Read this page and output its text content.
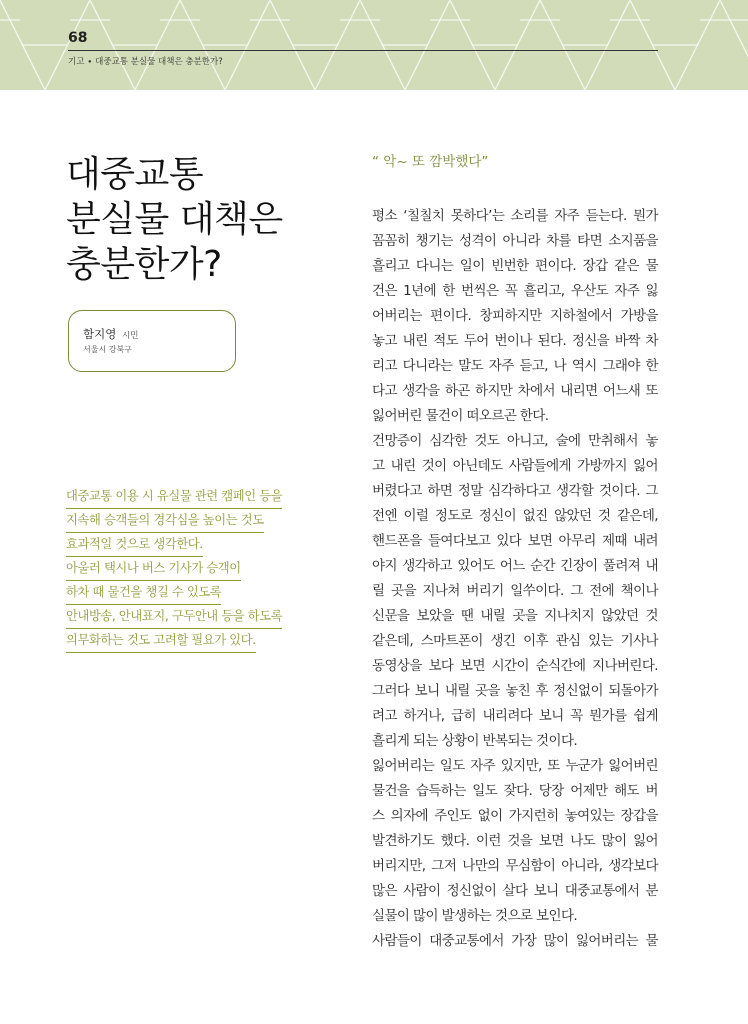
68
기고 ∙ 대중교통 분실물 대책은 충분한가?
대중교통
분실물 대책은
충분한가?
함지영 시민
서울시 강북구
대중교통 이용 시 유실물 관련 캠페인 등을
지속해 승객들의 경각심을 높이는 것도
효과적일 것으로 생각한다.
아울러 택시나 버스 기사가 승객이
하차 때 물건을 챙길 수 있도록
안내방송, 안내표지, 구두안내 등을 하도록
의무화하는 것도 고려할 필요가 있다.
“ 악~ 또 깜박했다”
평소 ‘칠칠치 못하다’는 소리를 자주 듣는다. 뭔가
꼼꼼히 챙기는 성격이 아니라 차를 타면 소지품을
흘리고 다니는 일이 빈번한 편이다. 장갑 같은 물
건은 1년에 한 번씩은 꼭 흘리고, 우산도 자주 잃
어버리는 편이다. 창피하지만 지하철에서 가방을
놓고 내린 적도 두어 번이나 된다. 정신을 바짝 차
리고 다니라는 말도 자주 듣고, 나 역시 그래야 한
다고 생각을 하곤 하지만 차에서 내리면 어느새 또
잃어버린 물건이 떠오르곤 한다.
건망증이 심각한 것도 아니고, 술에 만취해서 놓
고 내린 것이 아닌데도 사람들에게 가방까지 잃어
버렸다고 하면 정말 심각하다고 생각할 것이다. 그
전엔 이럴 정도로 정신이 없진 않았던 것 같은데,
핸드폰을 들여다보고 있다 보면 아무리 제때 내려
야지 생각하고 있어도 어느 순간 긴장이 풀려져 내
릴 곳을 지나쳐 버리기 일쑤이다. 그 전에 책이나
신문을 보았을 땐 내릴 곳을 지나치지 않았던 것
같은데, 스마트폰이 생긴 이후 관심 있는 기사나
동영상을 보다 보면 시간이 순식간에 지나버린다.
그러다 보니 내릴 곳을 놓친 후 정신없이 되돌아가
려고 하거나, 급히 내리려다 보니 꼭 뭔가를 쉽게
흘리게 되는 상황이 반복되는 것이다.
잃어버리는 일도 자주 있지만, 또 누군가 잃어버린
물건을 습득하는 일도 잦다. 당장 어제만 해도 버
스 의자에 주인도 없이 가지런히 놓여있는 장갑을
발견하기도 했다. 이런 것을 보면 나도 많이 잃어
버리지만, 그저 나만의 무심함이 아니라, 생각보다
많은 사람이 정신없이 살다 보니 대중교통에서 분
실물이 많이 발생하는 것으로 보인다.
사람들이 대중교통에서 가장 많이 잃어버리는 물
